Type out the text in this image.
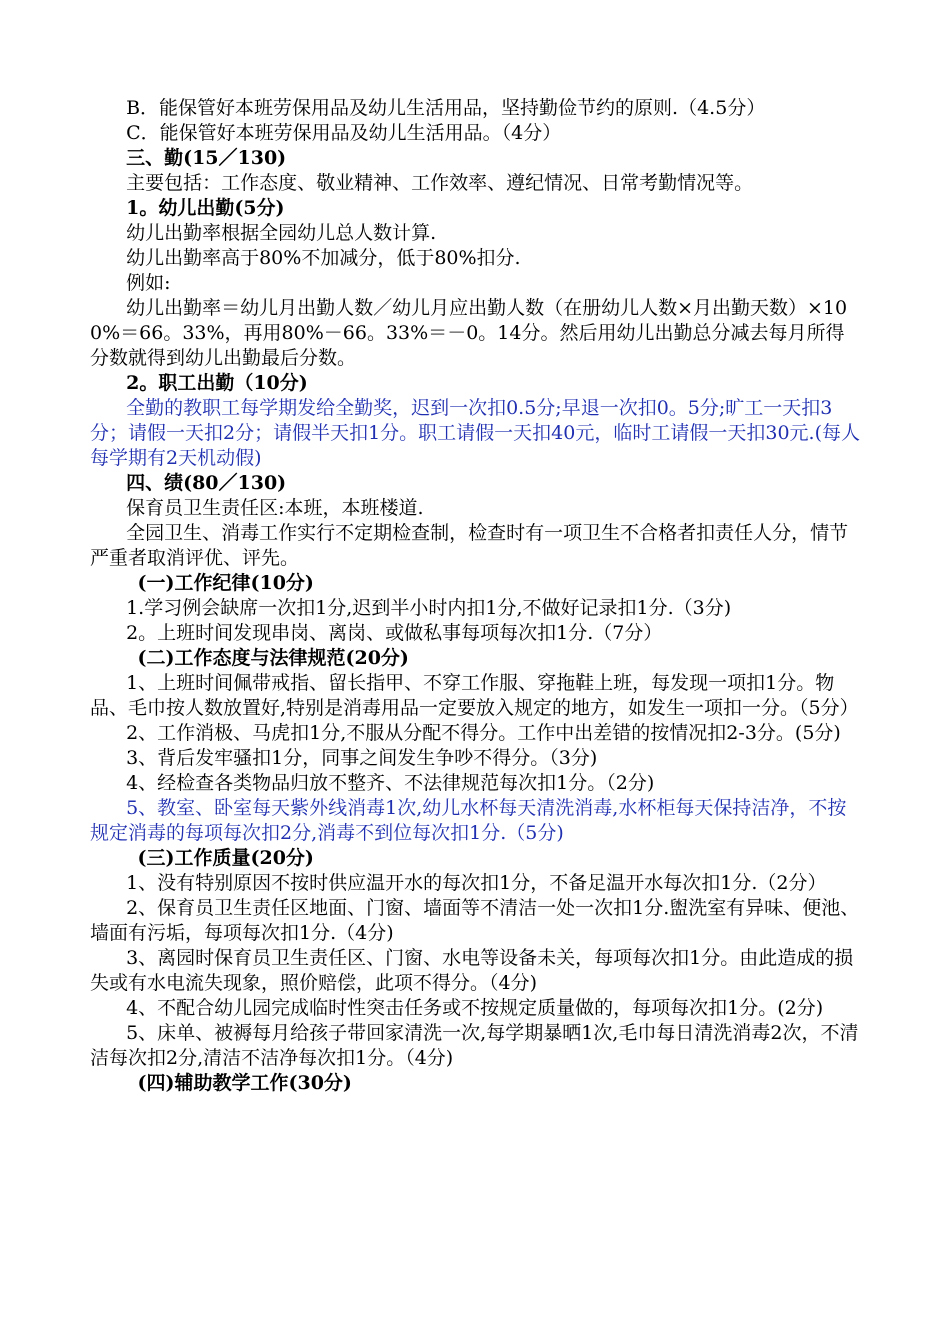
B．能保管好本班劳保用品及幼儿生活用品，坚持勤俭节约的原则.（4.5分）

C．能保管好本班劳保用品及幼儿生活用品。（4分）

三、勤(15／130)

主要包括：工作态度、敬业精神、工作效率、遵纪情况、日常考勤情况等。

1。幼儿出勤(5分)

幼儿出勤率根据全园幼儿总人数计算.

幼儿出勤率高于80%不加减分，低于80%扣分.

例如:

幼儿出勤率＝幼儿月出勤人数／幼儿月应出勤人数（在册幼儿人数×月出勤天数）×100%＝66。33%，再用80%－66。33%＝－0。14分。然后用幼儿出勤总分减去每月所得分数就得到幼儿出勤最后分数。

2。职工出勤（10分)

全勤的教职工每学期发给全勤奖，迟到一次扣0.5分;早退一次扣0。5分;旷工一天扣3分；请假一天扣2分；请假半天扣1分。职工请假一天扣40元，临时工请假一天扣30元.(每人每学期有2天机动假)

四、绩(80／130)

保育员卫生责任区:本班，本班楼道.

全园卫生、消毒工作实行不定期检查制，检查时有一项卫生不合格者扣责任人分，情节严重者取消评优、评先。

(一)工作纪律(10分)

1.学习例会缺席一次扣1分,迟到半小时内扣1分,不做好记录扣1分.（3分)

2。上班时间发现串岗、离岗、或做私事每项每次扣1分.（7分）

(二)工作态度与法律规范(20分)

1、上班时间佩带戒指、留长指甲、不穿工作服、穿拖鞋上班，每发现一项扣1分。物品、毛巾按人数放置好,特别是消毒用品一定要放入规定的地方，如发生一项扣一分。（5分）

2、工作消极、马虎扣1分,不服从分配不得分。工作中出差错的按情况扣2-3分。(5分)

3、背后发牢骚扣1分，同事之间发生争吵不得分。（3分)

4、经检查各类物品归放不整齐、不法律规范每次扣1分。（2分)

5、教室、卧室每天紫外线消毒1次,幼儿水杯每天清洗消毒,水杯柜每天保持洁净，不按规定消毒的每项每次扣2分,消毒不到位每次扣1分.（5分)

(三)工作质量(20分)

1、没有特别原因不按时供应温开水的每次扣1分，不备足温开水每次扣1分.（2分）

2、保育员卫生责任区地面、门窗、墙面等不清洁一处一次扣1分.盥洗室有异味、便池、墙面有污垢，每项每次扣1分.（4分)

3、离园时保育员卫生责任区、门窗、水电等设备未关，每项每次扣1分。由此造成的损失或有水电流失现象，照价赔偿，此项不得分。（4分)

4、不配合幼儿园完成临时性突击任务或不按规定质量做的，每项每次扣1分。(2分)

5、床单、被褥每月给孩子带回家清洗一次,每学期暴晒1次,毛巾每日清洗消毒2次，不清洁每次扣2分,清洁不洁净每次扣1分。（4分)

(四)辅助教学工作(30分)
